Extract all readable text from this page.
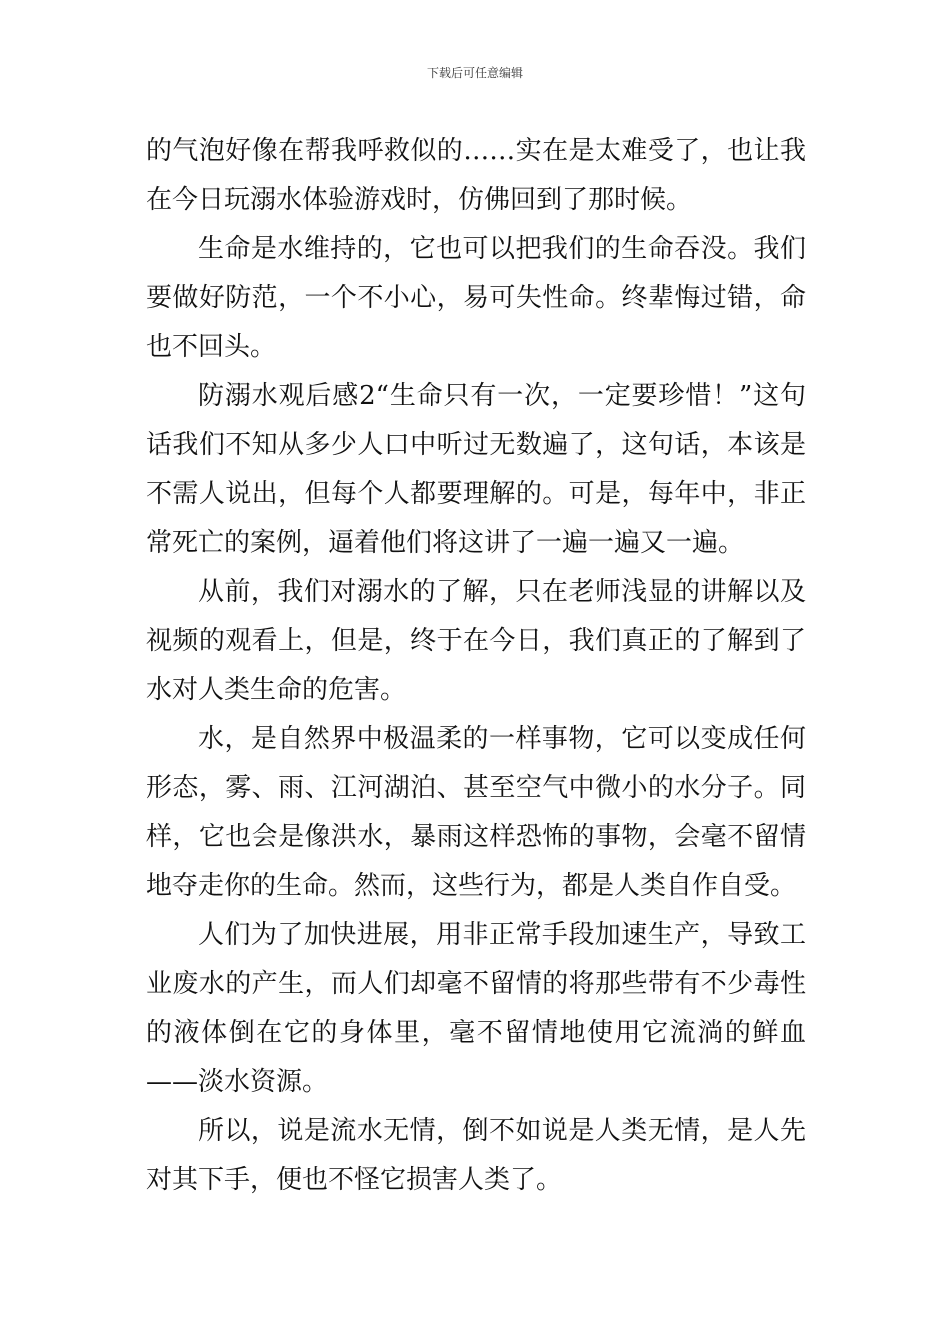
下载后可任意编辑

的气泡好像在帮我呼救似的……实在是太难受了，也让我在今日玩溺水体验游戏时，仿佛回到了那时候。

生命是水维持的，它也可以把我们的生命吞没。我们要做好防范，一个不小心，易可失性命。终辈悔过错，命也不回头。

防溺水观后感2“生命只有一次，一定要珍惜！”这句话我们不知从多少人口中听过无数遍了，这句话，本该是不需人说出，但每个人都要理解的。可是，每年中，非正常死亡的案例，逼着他们将这讲了一遍一遍又一遍。

从前，我们对溺水的了解，只在老师浅显的讲解以及视频的观看上，但是，终于在今日，我们真正的了解到了水对人类生命的危害。

水，是自然界中极温柔的一样事物，它可以变成任何形态，雾、雨、江河湖泊、甚至空气中微小的水分子。同样，它也会是像洪水，暴雨这样恐怖的事物，会毫不留情地夺走你的生命。然而，这些行为，都是人类自作自受。

人们为了加快进展，用非正常手段加速生产，导致工业废水的产生，而人们却毫不留情的将那些带有不少毒性的液体倒在它的身体里，毫不留情地使用它流淌的鲜血——淡水资源。

所以，说是流水无情，倒不如说是人类无情，是人先对其下手，便也不怪它损害人类了。
